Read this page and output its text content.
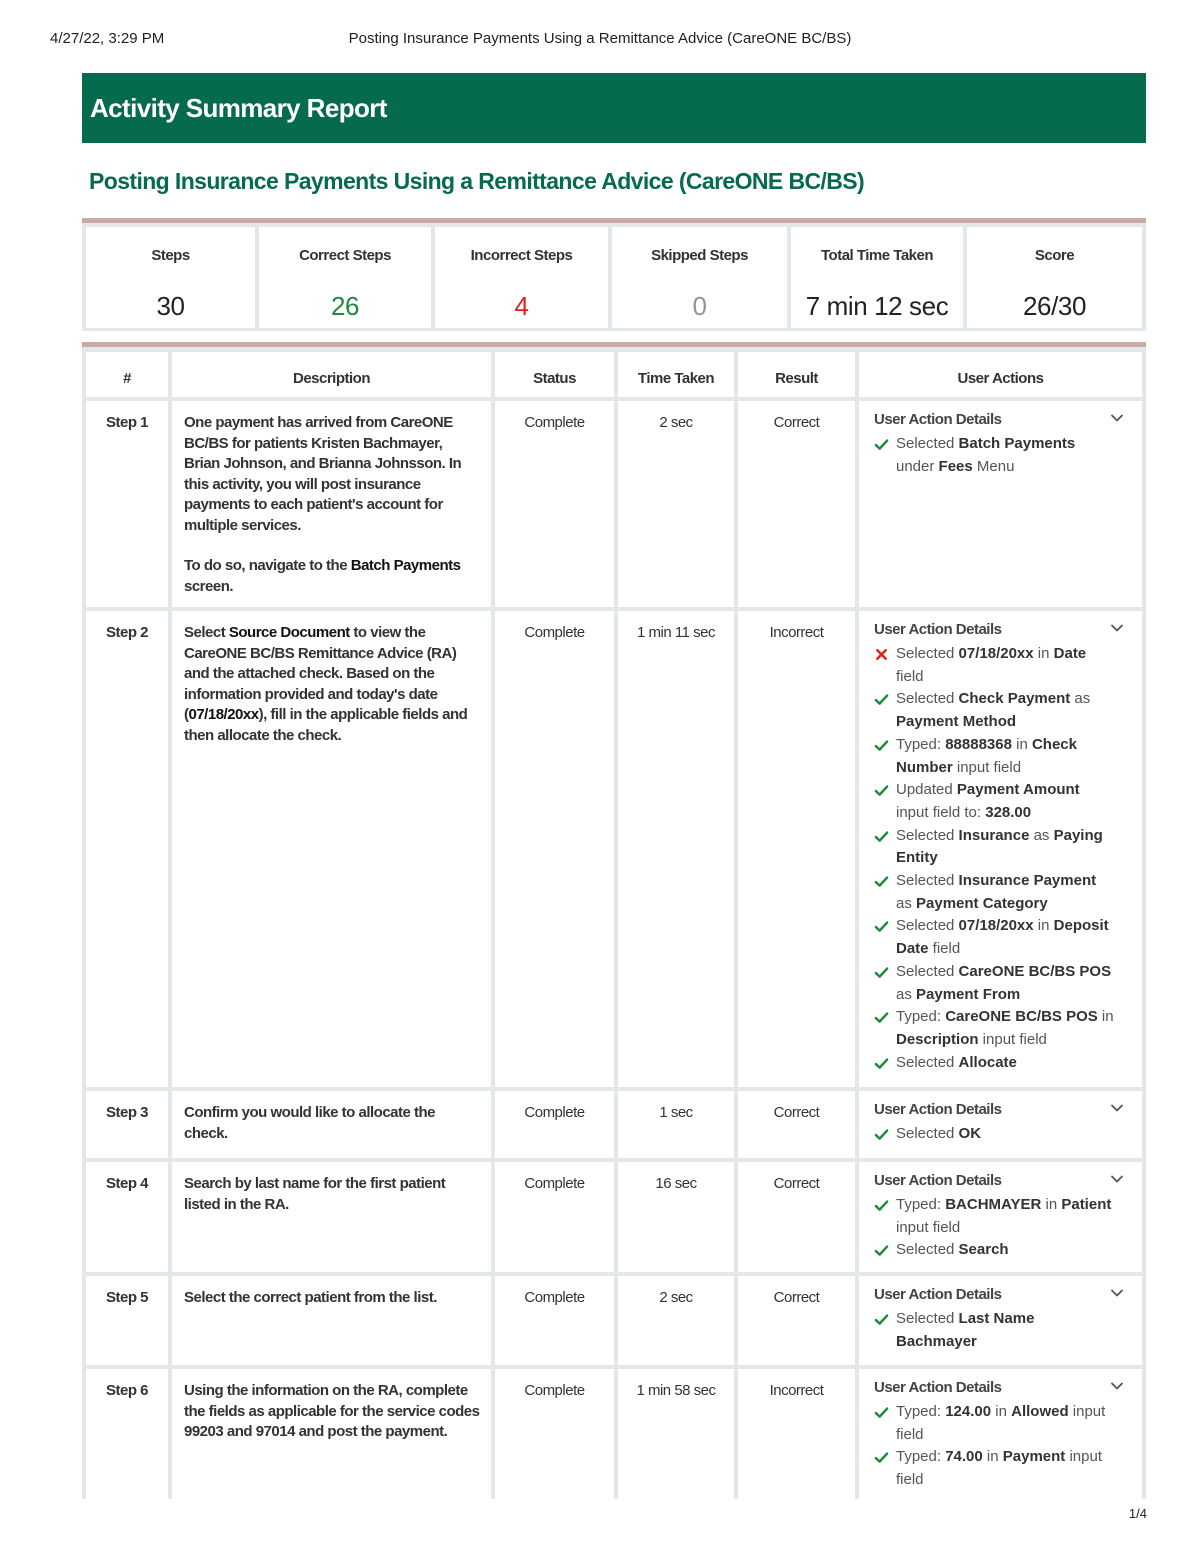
4/27/22, 3:29 PM	Posting Insurance Payments Using a Remittance Advice (CareONE BC/BS)
Activity Summary Report
Posting Insurance Payments Using a Remittance Advice (CareONE BC/BS)
Steps
30
Correct Steps
26
Incorrect Steps
4
Skipped Steps
0
Total Time Taken
7 min 12 sec
Score
26/30
#	Description	Status	Time Taken	Result	User Actions
Step 1	One payment has arrived from CareONE BC/BS for patients Kristen Bachmayer, Brian Johnson, and Brianna Johnsson. In this activity, you will post insurance payments to each patient's account for multiple services.

To do so, navigate to the Batch Payments screen.

Complete	2 sec	Correct	User Action Details
Selected Batch Payments under Fees Menu
Step 2	Select Source Document to view the CareONE BC/BS Remittance Advice (RA) and the attached check. Based on the information provided and today's date (07/18/20xx), fill in the applicable fields and then allocate the check.

Complete	1 min 11 sec	Incorrect	User Action Details
Selected 07/18/20xx in Date field
Selected Check Payment as Payment Method
Typed: 88888368 in Check Number input field
Updated Payment Amount input field to: 328.00
Selected Insurance as Paying Entity
Selected Insurance Payment as Payment Category
Selected 07/18/20xx in Deposit Date field
Selected CareONE BC/BS POS as Payment From
Typed: CareONE BC/BS POS in Description input field
Selected Allocate
Step 3	Confirm you would like to allocate the check.

Complete	1 sec	Correct	User Action Details
Selected OK
Step 4	Search by last name for the first patient listed in the RA.

Complete	16 sec	Correct	User Action Details
Typed: BACHMAYER in Patient input field
Selected Search
Step 5	Select the correct patient from the list.	Complete	2 sec	Correct	User Action Details
Selected Last Name Bachmayer
Step 6	Using the information on the RA, complete the fields as applicable for the service codes 99203 and 97014 and post the payment.

Complete	1 min 58 sec	Incorrect	User Action Details
Typed: 124.00 in Allowed input field
Typed: 74.00 in Payment input field
1/4
